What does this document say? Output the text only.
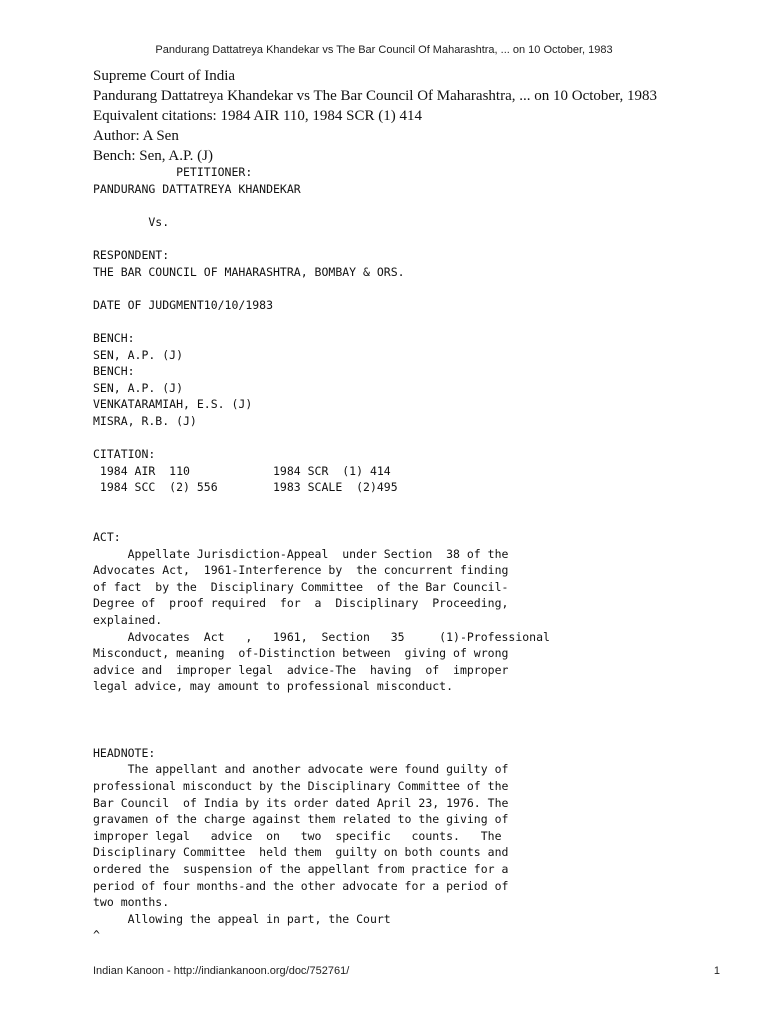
Pandurang Dattatreya Khandekar vs The Bar Council Of Maharashtra, ... on 10 October, 1983
Supreme Court of India
Pandurang Dattatreya Khandekar vs The Bar Council Of Maharashtra, ... on 10 October, 1983
Equivalent citations: 1984 AIR 110, 1984 SCR (1) 414
Author: A Sen
Bench: Sen, A.P. (J)
PETITIONER:
PANDURANG DATTATREYA KHANDEKAR

Vs.

RESPONDENT:
THE BAR COUNCIL OF MAHARASHTRA, BOMBAY & ORS.

DATE OF JUDGMENT10/10/1983

BENCH:
SEN, A.P. (J)
BENCH:
SEN, A.P. (J)
VENKATARAMIAH, E.S. (J)
MISRA, R.B. (J)

CITATION:
1984 AIR  110            1984 SCR  (1) 414
1984 SCC  (2) 556        1983 SCALE  (2)495

ACT:
Appellate Jurisdiction-Appeal  under Section  38 of the
Advocates Act,  1961-Interference by  the concurrent finding
of fact  by the  Disciplinary Committee  of the Bar Council-
Degree of  proof required  for  a  Disciplinary  Proceeding,
explained.
Advocates  Act   ,   1961,  Section   35     (1)-Professional
Misconduct, meaning  of-Distinction between  giving of wrong
advice and  improper legal  advice-The  having  of  improper
legal advice, may amount to professional misconduct.

HEADNOTE:
The appellant and another advocate were found guilty of
professional misconduct by the Disciplinary Committee of the
Bar Council  of India by its order dated April 23, 1976. The
gravamen of the charge against them related to the giving of
improper legal   advice  on   two  specific   counts.   The
Disciplinary Committee  held them  guilty on both counts and
ordered the  suspension of the appellant from practice for a
period of four months-and the other advocate for a period of
two months.
Allowing the appeal in part, the Court
^
Indian Kanoon - http://indiankanoon.org/doc/752761/	1
